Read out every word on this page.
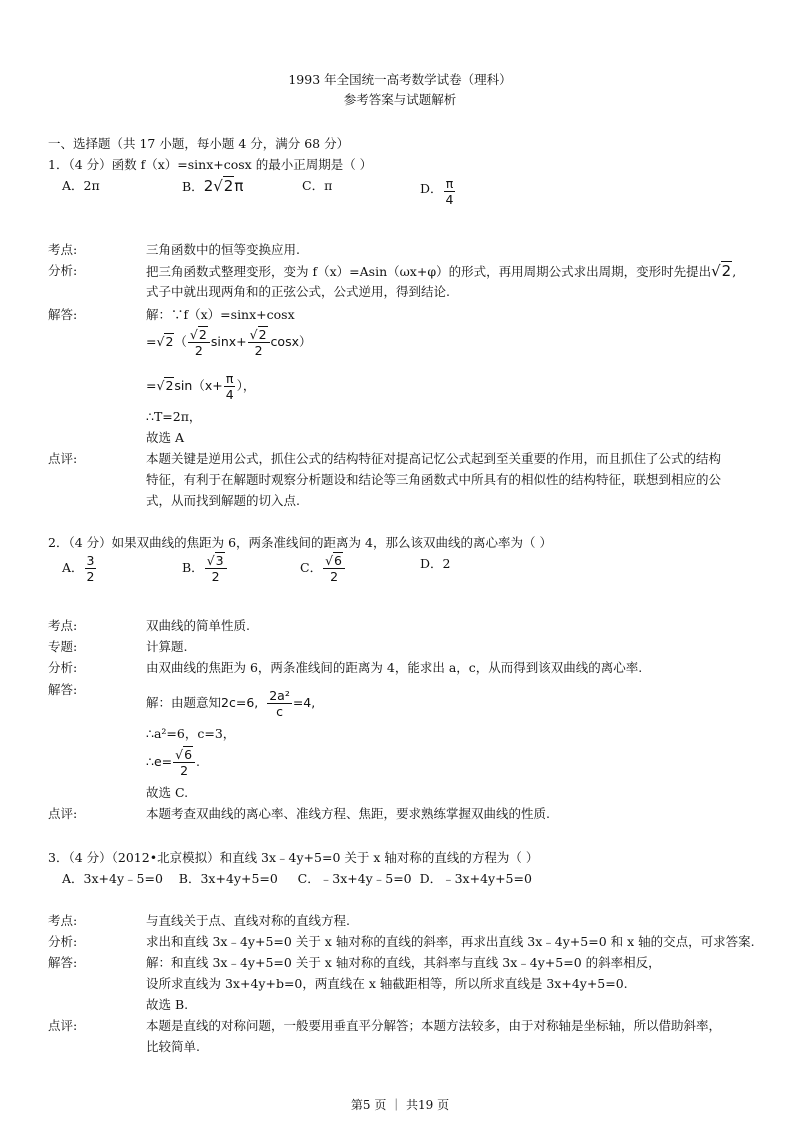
1993 年全国统一高考数学试卷（理科）
参考答案与试题解析
一、选择题（共 17 小题，每小题 4 分，满分 68 分）
1．（4 分）函数 f（x）=sinx+cosx 的最小正周期是（ ）
A．2π	B．2√2π	C．π	D． $\frac{\pi}{4}$
考点:	三角函数中的恒等变换应用.
分析:	把三角函数式整理变形，变为 f（x）=Asin（ωx+φ）的形式，再用周期公式求出周期，变形时先提出√2,
式子中就出现两角和的正弦公式，公式逆用，得到结论.
解答:	解：∵f（x）=sinx+cosx
$=√2( \frac{√2}{2} \sin x+ \frac{√2}{2} \cos x)$
$=√2\sin(x+ \frac{\pi}{4}$ ），
∴T=2π，
故选 A
点评:	本题关键是逆用公式，抓住公式的结构特征对提高记忆公式起到至关重要的作用，而且抓住了公式的结构
特征，有利于在解题时观察分析题设和结论等三角函数式中所具有的相似性的结构特征，联想到相应的公
式，从而找到解题的切入点.
2．（4 分）如果双曲线的焦距为 6，两条准线间的距离为 4，那么该双曲线的离心率为（ ）
A． $\frac{3}{2}$	B． $\frac{√3}{2}$	C． $\frac{√6}{2}$	D．2
考点:	双曲线的简单性质.
专题:	计算题.
分析:	由双曲线的焦距为 6，两条准线间的距离为 4，能求出 a，c，从而得到该双曲线的离心率.
解答:
解：由题意知2c=6, $\frac{\text{2a²}}{c} =4$,
∴a²=6，c=3，
∴e= $\frac{√6}{2}$ .
故选 C.
点评:	本题考查双曲线的离心率、准线方程、焦距，要求熟练掌握双曲线的性质.
3．（4 分）（2012•北京模拟）和直线 3x﹣4y+5=0 关于 x 轴对称的直线的方程为（ ）
A．3x+4y﹣5=0    B．3x+4y+5=0     C．﹣3x+4y﹣5=0  D．﹣3x+4y+5=0
考点:	与直线关于点、直线对称的直线方程.
分析:	求出和直线 3x﹣4y+5=0 关于 x 轴对称的直线的斜率，再求出直线 3x﹣4y+5=0 和 x 轴的交点，可求答案.
解答:	解：和直线 3x﹣4y+5=0 关于 x 轴对称的直线，其斜率与直线 3x﹣4y+5=0 的斜率相反，
设所求直线为 3x+4y+b=0，两直线在 x 轴截距相等，所以所求直线是 3x+4y+5=0.
故选 B.
点评:	本题是直线的对称问题，一般要用垂直平分解答；本题方法较多，由于对称轴是坐标轴，所以借助斜率，
比较简单.
第5 页 ｜ 共19 页
